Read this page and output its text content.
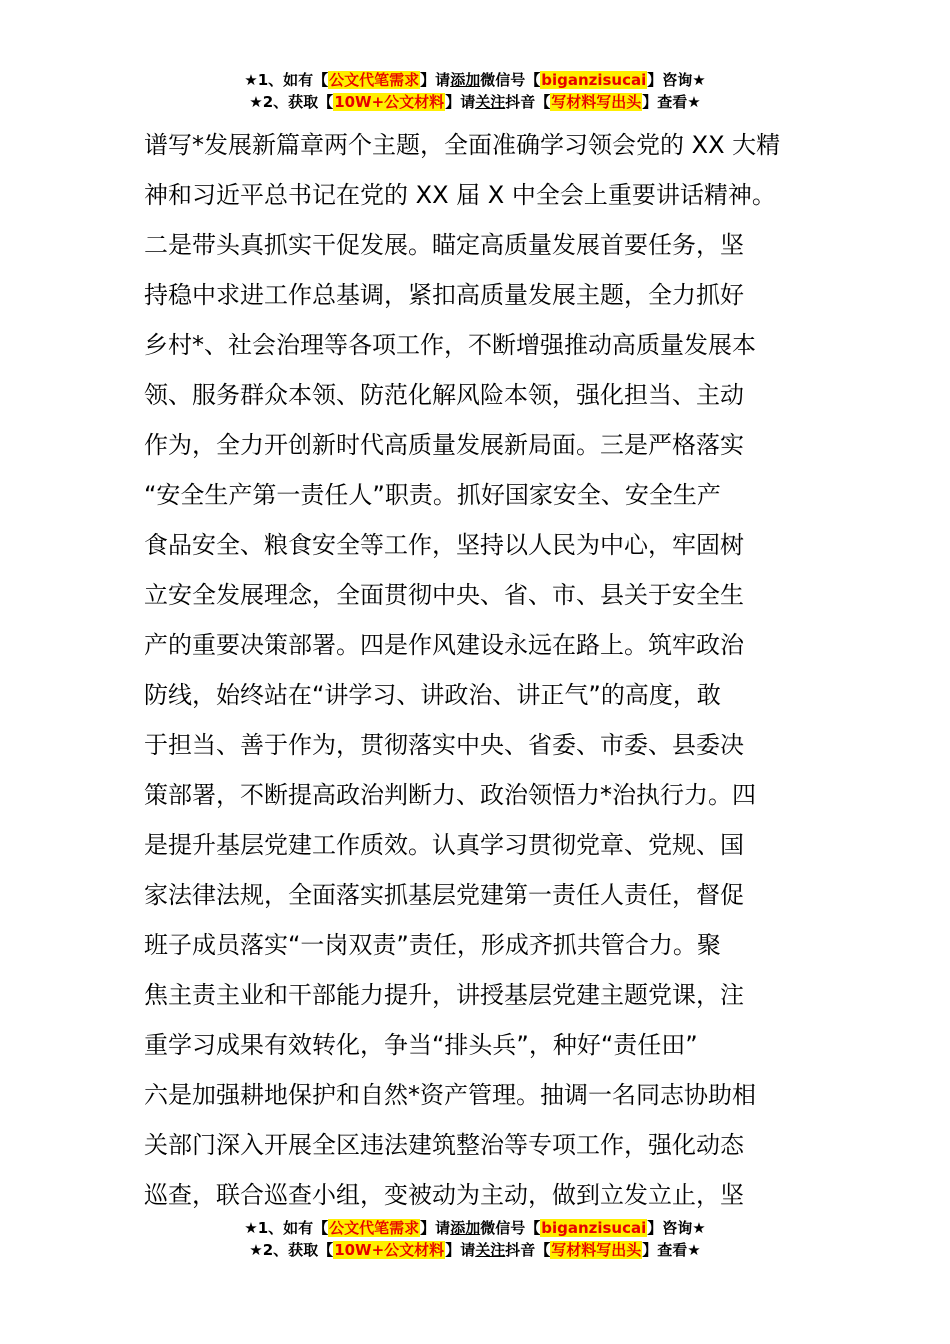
★1、如有【公文代笔需求】请添加微信号【biganzisucai】咨询★
★2、获取【10W+公文材料】请关注抖音【写材料写出头】查看★
谱写*发展新篇章两个主题，全面准确学习领会党的 XX 大精
神和习近平总书记在党的 XX 届 X 中全会上重要讲话精神。
二是带头真抓实干促发展。瞄定高质量发展首要任务，坚
持稳中求进工作总基调，紧扣高质量发展主题，全力抓好
乡村*、社会治理等各项工作，不断增强推动高质量发展本
领、服务群众本领、防范化解风险本领，强化担当、主动
作为，全力开创新时代高质量发展新局面。三是严格落实
“安全生产第一责任人”职责。抓好国家安全、安全生产
食品安全、粮食安全等工作，坚持以人民为中心，牢固树
立安全发展理念，全面贯彻中央、省、市、县关于安全生
产的重要决策部署。四是作风建设永远在路上。筑牢政治
防线，始终站在“讲学习、讲政治、讲正气”的高度，敢
于担当、善于作为，贯彻落实中央、省委、市委、县委决
策部署，不断提高政治判断力、政治领悟力*治执行力。四
是提升基层党建工作质效。认真学习贯彻党章、党规、国
家法律法规，全面落实抓基层党建第一责任人责任，督促
班子成员落实“一岗双责”责任，形成齐抓共管合力。聚
焦主责主业和干部能力提升，讲授基层党建主题党课，注
重学习成果有效转化，争当“排头兵”，种好“责任田”
六是加强耕地保护和自然*资产管理。抽调一名同志协助相
关部门深入开展全区违法建筑整治等专项工作，强化动态
巡查，联合巡查小组，变被动为主动，做到立发立止，坚
★1、如有【公文代笔需求】请添加微信号【biganzisucai】咨询★
★2、获取【10W+公文材料】请关注抖音【写材料写出头】查看★
